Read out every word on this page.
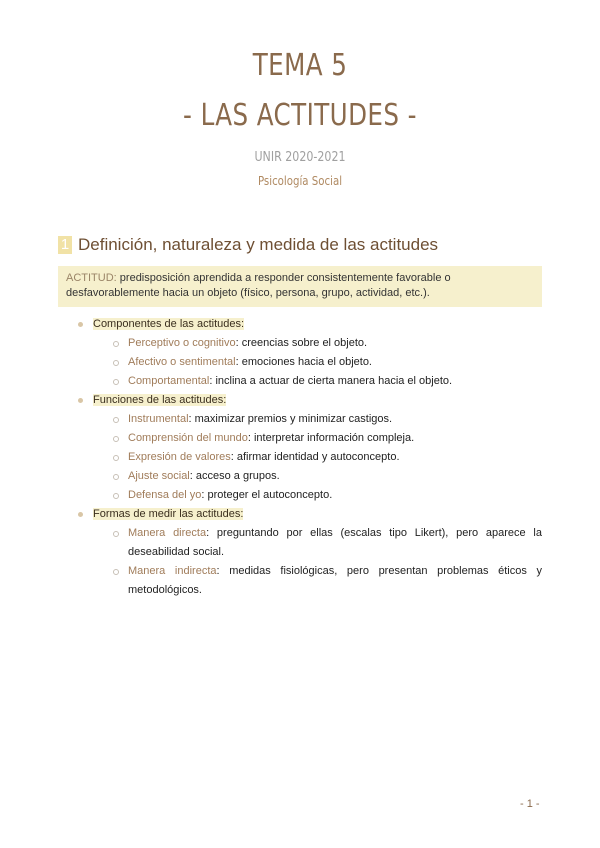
TEMA 5
- LAS ACTITUDES -
UNIR 2020-2021
Psicología Social
1 Definición, naturaleza y medida de las actitudes
ACTITUD: predisposición aprendida a responder consistentemente favorable o desfavorablemente hacia un objeto (físico, persona, grupo, actividad, etc.).
Componentes de las actitudes:
Perceptivo o cognitivo: creencias sobre el objeto.
Afectivo o sentimental: emociones hacia el objeto.
Comportamental: inclina a actuar de cierta manera hacia el objeto.
Funciones de las actitudes:
Instrumental: maximizar premios y minimizar castigos.
Comprensión del mundo: interpretar información compleja.
Expresión de valores: afirmar identidad y autoconcepto.
Ajuste social: acceso a grupos.
Defensa del yo: proteger el autoconcepto.
Formas de medir las actitudes:
Manera directa: preguntando por ellas (escalas tipo Likert), pero aparece la deseabilidad social.
Manera indirecta: medidas fisiológicas, pero presentan problemas éticos y metodológicos.
- 1 -
